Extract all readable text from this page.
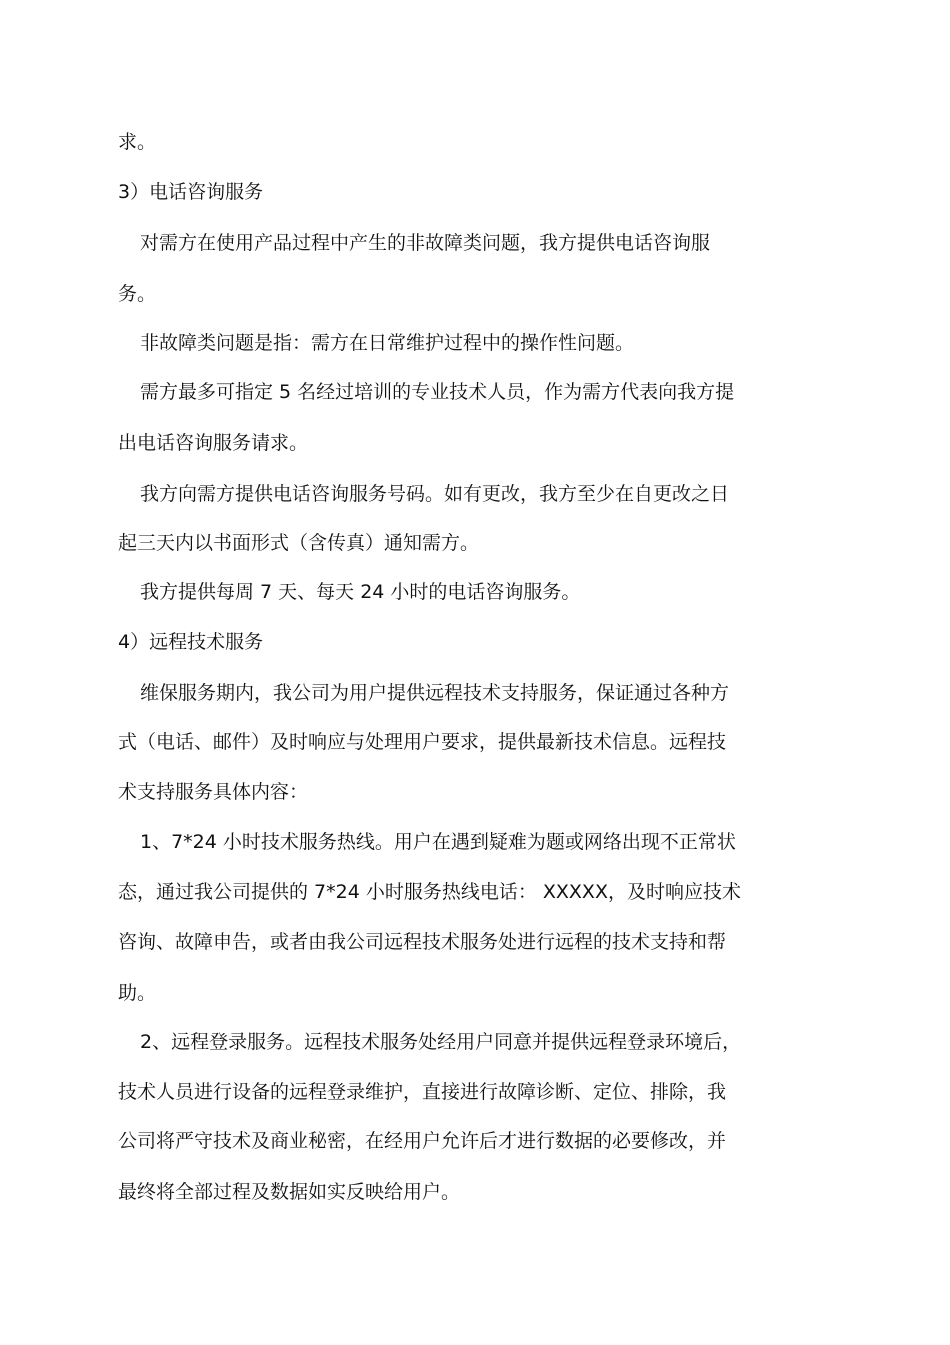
求。
3）电话咨询服务
对需方在使用产品过程中产生的非故障类问题，我方提供电话咨询服
务。
非故障类问题是指：需方在日常维护过程中的操作性问题。
需方最多可指定 5 名经过培训的专业技术人员，作为需方代表向我方提
出电话咨询服务请求。
我方向需方提供电话咨询服务号码。如有更改，我方至少在自更改之日
起三天内以书面形式（含传真）通知需方。
我方提供每周 7 天、每天 24 小时的电话咨询服务。
4）远程技术服务
维保服务期内，我公司为用户提供远程技术支持服务，保证通过各种方
式（电话、邮件）及时响应与处理用户要求，提供最新技术信息。远程技
术支持服务具体内容：
1、7*24 小时技术服务热线。用户在遇到疑难为题或网络出现不正常状
态，通过我公司提供的 7*24 小时服务热线电话： XXXXX，及时响应技术
咨询、故障申告，或者由我公司远程技术服务处进行远程的技术支持和帮
助。
2、远程登录服务。远程技术服务处经用户同意并提供远程登录环境后，
技术人员进行设备的远程登录维护，直接进行故障诊断、定位、排除，我
公司将严守技术及商业秘密，在经用户允许后才进行数据的必要修改，并
最终将全部过程及数据如实反映给用户。
